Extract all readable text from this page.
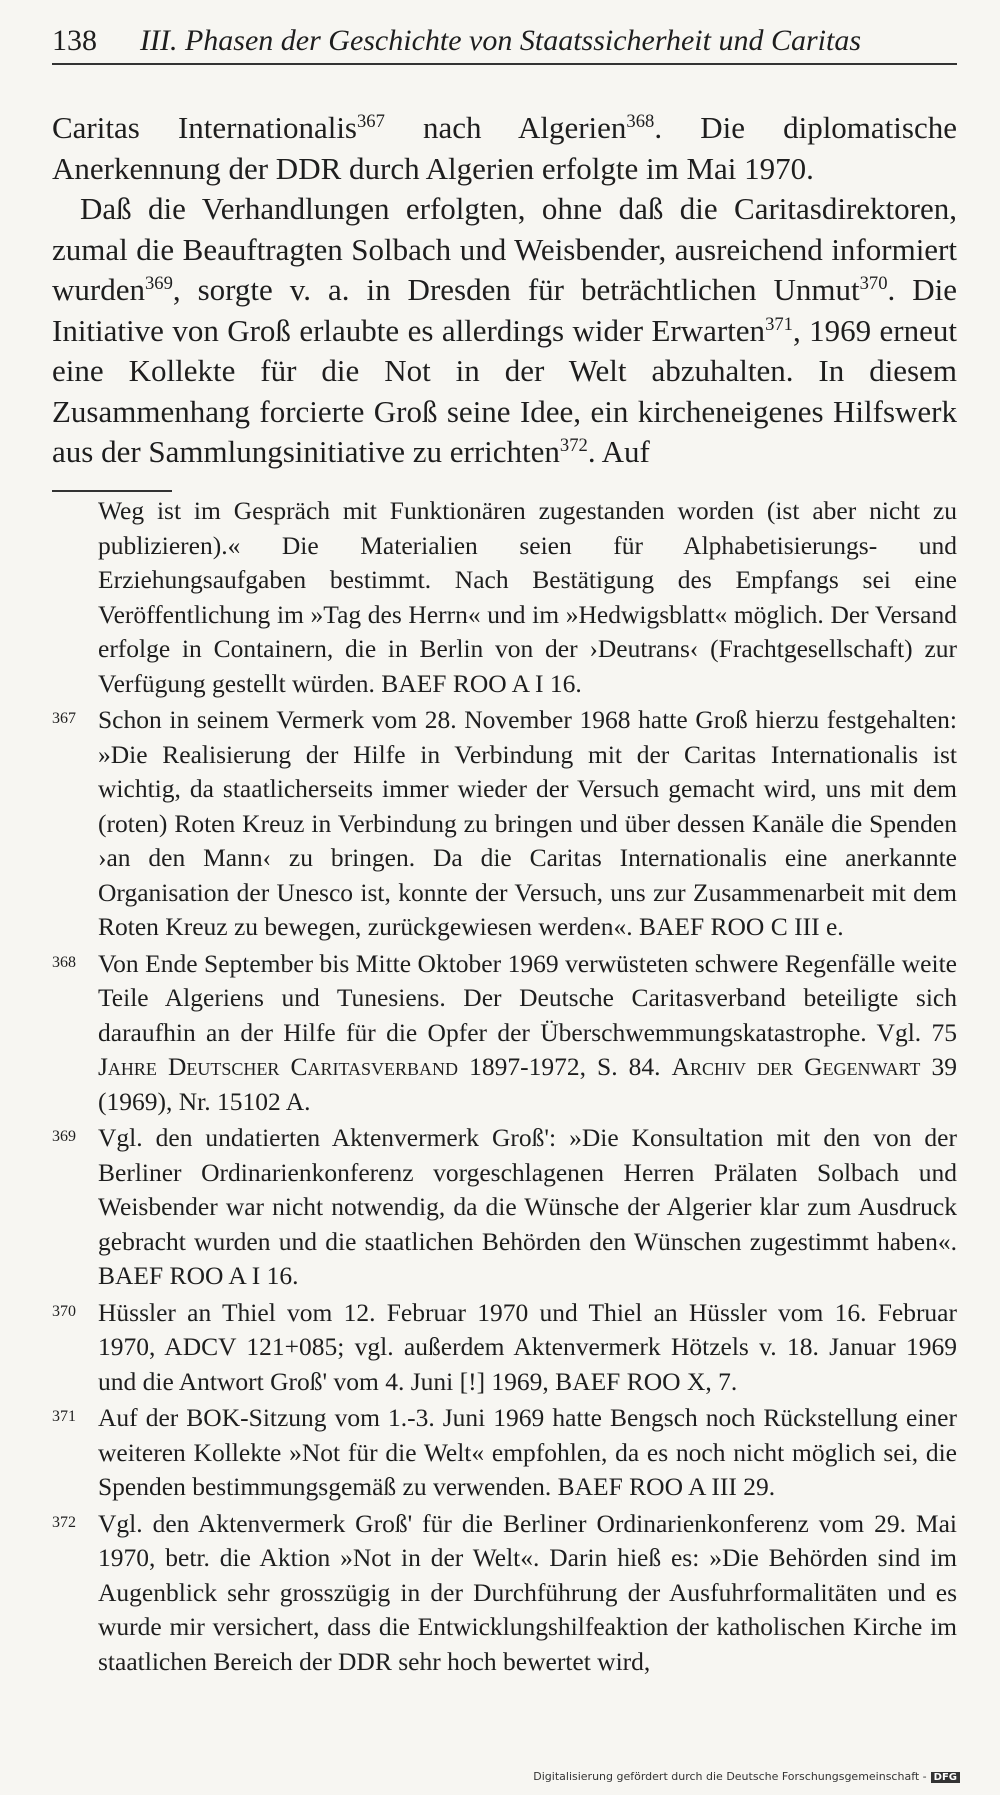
138 III. Phasen der Geschichte von Staatssicherheit und Caritas

Caritas Internationalis$^{367}$ nach Algerien$^{368}$. Die diplomatische Anerkennung der DDR durch Algerien erfolgte im Mai 1970.

Daß die Verhandlungen erfolgten, ohne daß die Caritasdirektoren, zumal die Beauftragten Solbach und Weisbender, ausreichend informiert wurden$^{369}$, sorgte v. a. in Dresden für beträchtlichen Unmut$^{370}$. Die Initiative von Groß erlaubte es allerdings wider Erwarten$^{371}$, 1969 erneut eine Kollekte für die Not in der Welt abzuhalten. In diesem Zusammenhang forcierte Groß seine Idee, ein kircheneigenes Hilfswerk aus der Sammlungsinitiative zu errichten$^{372}$. Auf

Weg ist im Gespräch mit Funktionären zugestanden worden (ist aber nicht zu publizieren).« Die Materialien seien für Alphabetisierungs- und Erziehungsaufgaben bestimmt. Nach Bestätigung des Empfangs sei eine Veröffentlichung im »Tag des Herrn« und im »Hedwigsblatt« möglich. Der Versand erfolge in Containern, die in Berlin von der ›Deutrans‹ (Frachtgesellschaft) zur Verfügung gestellt würden. BAEF ROO A I 16.

367 Schon in seinem Vermerk vom 28. November 1968 hatte Groß hierzu festgehalten: »Die Realisierung der Hilfe in Verbindung mit der Caritas Internationalis ist wichtig, da staatlicherseits immer wieder der Versuch gemacht wird, uns mit dem (roten) Roten Kreuz in Verbindung zu bringen und über dessen Kanäle die Spenden ›an den Mann‹ zu bringen. Da die Caritas Internationalis eine anerkannte Organisation der Unesco ist, konnte der Versuch, uns zur Zusammenarbeit mit dem Roten Kreuz zu bewegen, zurückgewiesen werden«. BAEF ROO C III e.

368 Von Ende September bis Mitte Oktober 1969 verwüsteten schwere Regenfälle weite Teile Algeriens und Tunesiens. Der Deutsche Caritasverband beteiligte sich daraufhin an der Hilfe für die Opfer der Überschwemmungskatastrophe. Vgl. 75 Jahre Deutscher Caritasverband 1897-1972, S. 84. Archiv der Gegenwart 39 (1969), Nr. 15102 A.

369 Vgl. den undatierten Aktenvermerk Groß': »Die Konsultation mit den von der Berliner Ordinarienkonferenz vorgeschlagenen Herren Prälaten Solbach und Weisbender war nicht notwendig, da die Wünsche der Algerier klar zum Ausdruck gebracht wurden und die staatlichen Behörden den Wünschen zugestimmt haben«. BAEF ROO A I 16.

370 Hüssler an Thiel vom 12. Februar 1970 und Thiel an Hüssler vom 16. Februar 1970, ADCV 121+085; vgl. außerdem Aktenvermerk Hötzels v. 18. Januar 1969 und die Antwort Groß' vom 4. Juni [!] 1969, BAEF ROO X, 7.

371 Auf der BOK-Sitzung vom 1.-3. Juni 1969 hatte Bengsch noch Rückstellung einer weiteren Kollekte »Not für die Welt« empfohlen, da es noch nicht möglich sei, die Spenden bestimmungsgemäß zu verwenden. BAEF ROO A III 29.

372 Vgl. den Aktenvermerk Groß' für die Berliner Ordinarienkonferenz vom 29. Mai 1970, betr. die Aktion »Not in der Welt«. Darin hieß es: »Die Behörden sind im Augenblick sehr grosszügig in der Durchführung der Ausfuhrformalitäten und es wurde mir versichert, dass die Entwicklungshilfeaktion der katholischen Kirche im staatlichen Bereich der DDR sehr hoch bewertet wird,

Digitalisierung gefördert durch die Deutsche Forschungsgemeinschaft - DFG
